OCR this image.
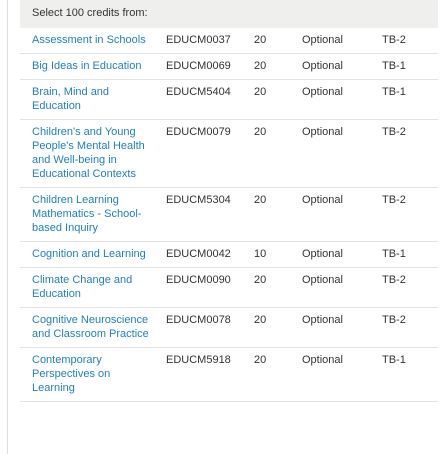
Select 100 credits from:
Assessment in Schools	EDUCM0037	20	Optional	TB-2

Big Ideas in Education	EDUCM0069	20	Optional	TB-1

Brain, Mind and Education	EDUCM5404	20	Optional	TB-1

Children's and Young People's Mental Health and Well-being in Educational Contexts	EDUCM0079	20	Optional	TB-2

Children Learning Mathematics - School-based Inquiry	EDUCM5304	20	Optional	TB-2

Cognition and Learning	EDUCM0042	10	Optional	TB-1

Climate Change and Education	EDUCM0090	20	Optional	TB-2

Cognitive Neuroscience and Classroom Practice	EDUCM0078	20	Optional	TB-2

Contemporary Perspectives on Learning	EDUCM5918	20	Optional	TB-1
